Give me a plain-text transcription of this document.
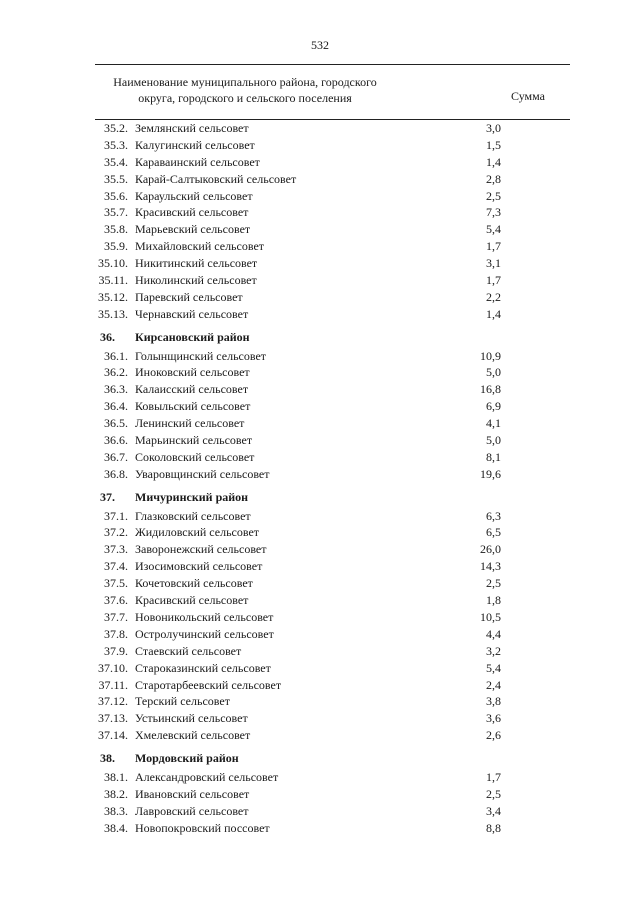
532
Наименование муниципального района, городского
округа, городского и сельского поселения	Сумма
35.2. Землянский сельсовет	3,0
35.3. Калугинский сельсовет	1,5
35.4. Караваинский сельсовет	1,4
35.5. Карай-Салтыковский сельсовет	2,8
35.6. Караульский сельсовет	2,5
35.7. Красивский сельсовет	7,3
35.8. Марьевский сельсовет	5,4
35.9. Михайловский сельсовет	1,7
35.10. Никитинский сельсовет	3,1
35.11. Николинский сельсовет	1,7
35.12. Паревский сельсовет	2,2
35.13. Чернавский сельсовет	1,4
36. Кирсановский район
36.1. Голынщинский сельсовет	10,9
36.2. Иноковский сельсовет	5,0
36.3. Калаисский сельсовет	16,8
36.4. Ковыльский сельсовет	6,9
36.5. Ленинский сельсовет	4,1
36.6. Марьинский сельсовет	5,0
36.7. Соколовский сельсовет	8,1
36.8. Уваровщинский сельсовет	19,6
37. Мичуринский район
37.1. Глазковский сельсовет	6,3
37.2. Жидиловский сельсовет	6,5
37.3. Заворонежский сельсовет	26,0
37.4. Изосимовский сельсовет	14,3
37.5. Кочетовский сельсовет	2,5
37.6. Красивский сельсовет	1,8
37.7. Новоникольский сельсовет	10,5
37.8. Остролучинский сельсовет	4,4
37.9. Стаевский сельсовет	3,2
37.10. Староказинский сельсовет	5,4
37.11. Старотарбеевский сельсовет	2,4
37.12. Терский сельсовет	3,8
37.13. Устьинский сельсовет	3,6
37.14. Хмелевский сельсовет	2,6
38. Мордовский район
38.1. Александровский сельсовет	1,7
38.2. Ивановский сельсовет	2,5
38.3. Лавровский сельсовет	3,4
38.4. Новопокровский поссовет	8,8
